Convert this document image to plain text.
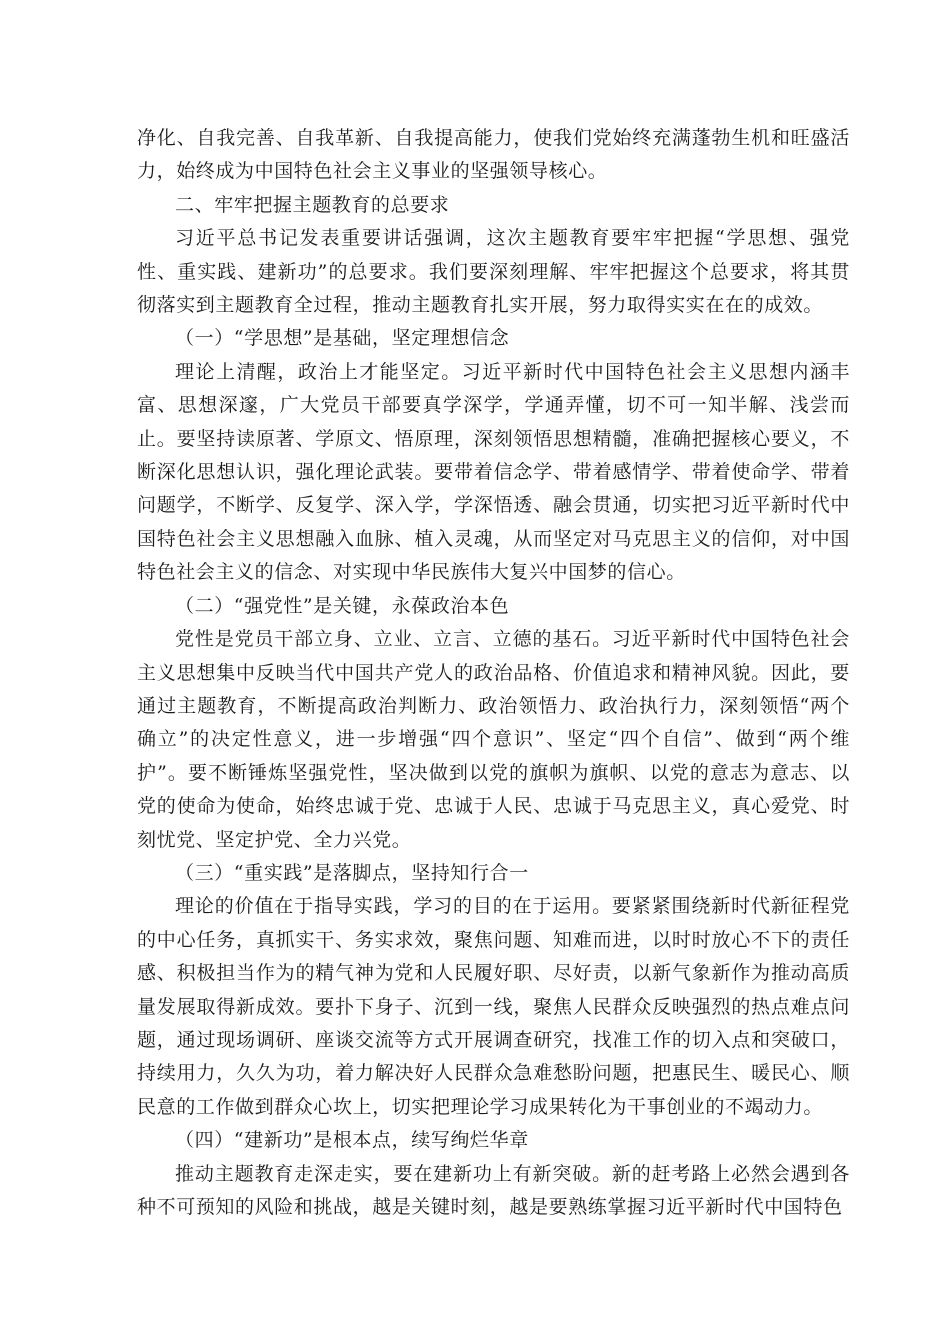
净化、自我完善、自我革新、自我提高能力，使我们党始终充满蓬勃生机和旺盛活力，始终成为中国特色社会主义事业的坚强领导核心。

二、牢牢把握主题教育的总要求

习近平总书记发表重要讲话强调，这次主题教育要牢牢把握“学思想、强党性、重实践、建新功”的总要求。我们要深刻理解、牢牢把握这个总要求，将其贯彻落实到主题教育全过程，推动主题教育扎实开展，努力取得实实在在的成效。

（一）“学思想”是基础，坚定理想信念

理论上清醒，政治上才能坚定。习近平新时代中国特色社会主义思想内涵丰富、思想深邃，广大党员干部要真学深学，学通弄懂，切不可一知半解、浅尝而止。要坚持读原著、学原文、悟原理，深刻领悟思想精髓，准确把握核心要义，不断深化思想认识，强化理论武装。要带着信念学、带着感情学、带着使命学、带着问题学，不断学、反复学、深入学，学深悟透、融会贯通，切实把习近平新时代中国特色社会主义思想融入血脉、植入灵魂，从而坚定对马克思主义的信仰，对中国特色社会主义的信念、对实现中华民族伟大复兴中国梦的信心。

（二）“强党性”是关键，永葆政治本色

党性是党员干部立身、立业、立言、立德的基石。习近平新时代中国特色社会主义思想集中反映当代中国共产党人的政治品格、价值追求和精神风貌。因此，要通过主题教育，不断提高政治判断力、政治领悟力、政治执行力，深刻领悟“两个确立”的决定性意义，进一步增强“四个意识”、坚定“四个自信”、做到“两个维护”。要不断锤炼坚强党性，坚决做到以党的旗帜为旗帜、以党的意志为意志、以党的使命为使命，始终忠诚于党、忠诚于人民、忠诚于马克思主义，真心爱党、时刻忧党、坚定护党、全力兴党。

（三）“重实践”是落脚点，坚持知行合一

理论的价值在于指导实践，学习的目的在于运用。要紧紧围绕新时代新征程党的中心任务，真抓实干、务实求效，聚焦问题、知难而进，以时时放心不下的责任感、积极担当作为的精气神为党和人民履好职、尽好责，以新气象新作为推动高质量发展取得新成效。要扑下身子、沉到一线，聚焦人民群众反映强烈的热点难点问题，通过现场调研、座谈交流等方式开展调查研究，找准工作的切入点和突破口，持续用力，久久为功，着力解决好人民群众急难愁盼问题，把惠民生、暖民心、顺民意的工作做到群众心坎上，切实把理论学习成果转化为干事创业的不竭动力。

（四）“建新功”是根本点，续写绚烂华章

推动主题教育走深走实，要在建新功上有新突破。新的赶考路上必然会遇到各种不可预知的风险和挑战，越是关键时刻，越是要熟练掌握习近平新时代中国特色
